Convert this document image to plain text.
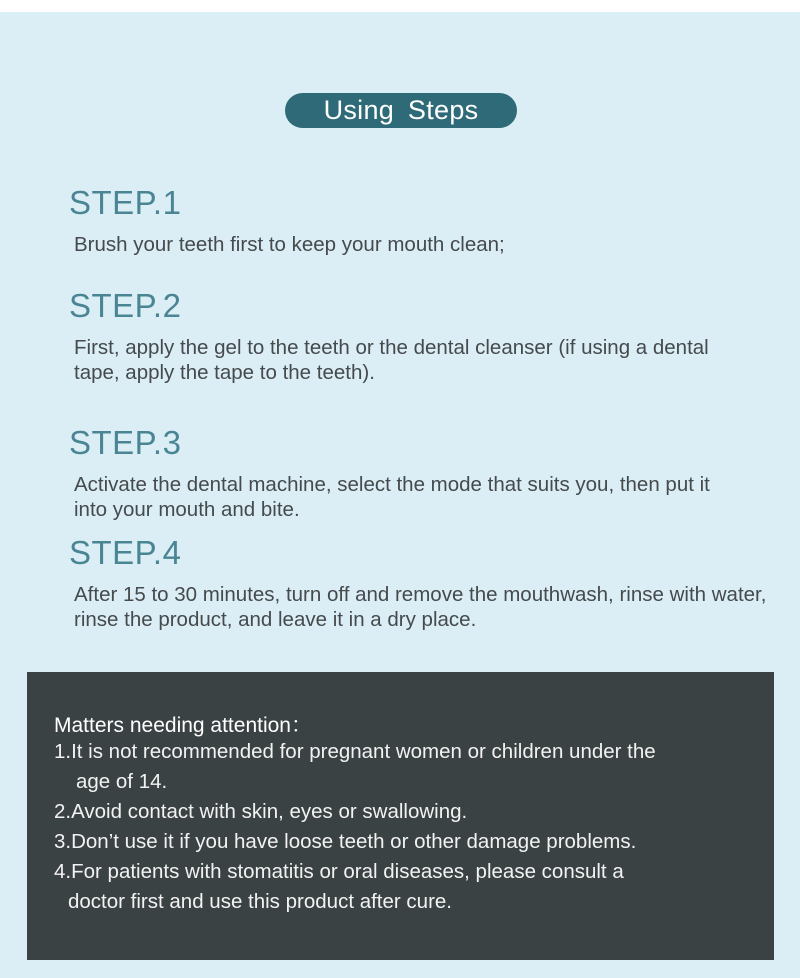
Using Steps
STEP.1

Brush your teeth first to keep your mouth clean;

STEP.2

First, apply the gel to the teeth or the dental cleanser (if using a dental tape, apply the tape to the teeth).

STEP.3

Activate the dental machine, select the mode that suits you, then put it into your mouth and bite.

STEP.4

After 15 to 30 minutes, turn off and remove the mouthwash, rinse with water, rinse the product, and leave it in a dry place.

Matters needing attention：

1.It is not recommended for pregnant women or children under the
age of 14.

2.Avoid contact with skin, eyes or swallowing.

3.Don’t use it if you have loose teeth or other damage problems.

4.For patients with stomatitis or oral diseases, please consult a
doctor first and use this product after cure.
